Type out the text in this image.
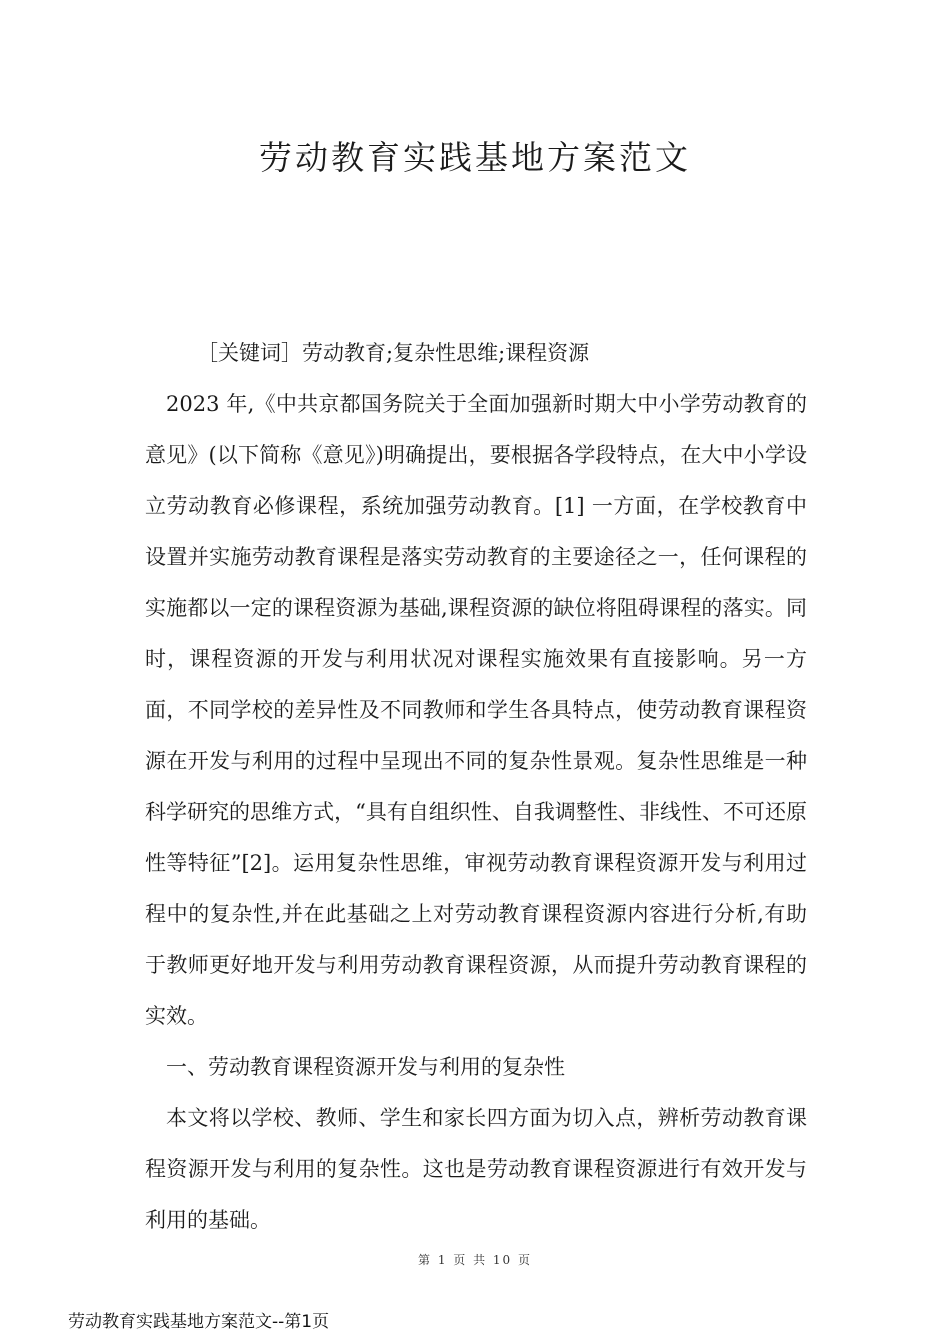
劳动教育实践基地方案范文

［关键词］劳动教育;复杂性思维;课程资源

2023 年,《中共京都国务院关于全面加强新时期大中小学劳动教育的意见》(以下简称《意见》)明确提出，要根据各学段特点，在大中小学设立劳动教育必修课程，系统加强劳动教育。[1] 一方面，在学校教育中设置并实施劳动教育课程是落实劳动教育的主要途径之一，任何课程的实施都以一定的课程资源为基础,课程资源的缺位将阻碍课程的落实。同时，课程资源的开发与利用状况对课程实施效果有直接影响。另一方面，不同学校的差异性及不同教师和学生各具特点，使劳动教育课程资源在开发与利用的过程中呈现出不同的复杂性景观。复杂性思维是一种科学研究的思维方式，“具有自组织性、自我调整性、非线性、不可还原性等特征”[2]。运用复杂性思维，审视劳动教育课程资源开发与利用过程中的复杂性,并在此基础之上对劳动教育课程资源内容进行分析,有助于教师更好地开发与利用劳动教育课程资源，从而提升劳动教育课程的实效。

一、劳动教育课程资源开发与利用的复杂性

本文将以学校、教师、学生和家长四方面为切入点，辨析劳动教育课程资源开发与利用的复杂性。这也是劳动教育课程资源进行有效开发与利用的基础。

第 1 页 共 10 页
劳动教育实践基地方案范文--第1页
